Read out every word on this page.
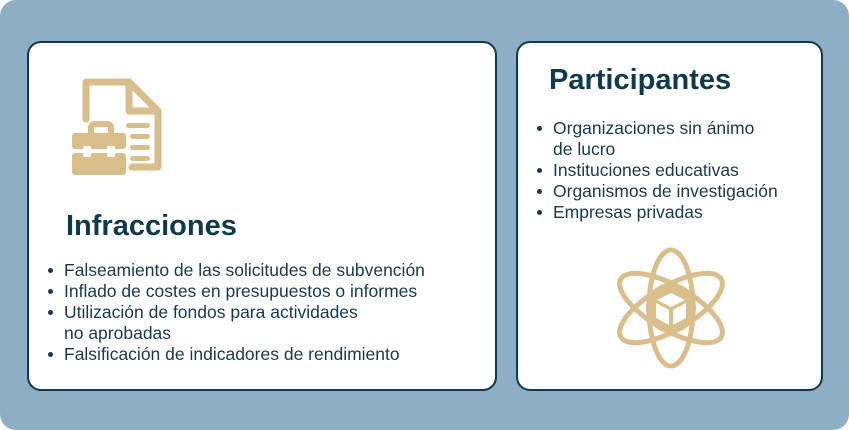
Infracciones
Falseamiento de las solicitudes de subvención
Inflado de costes en presupuestos o informes
Utilización de fondos para actividades
no aprobadas
Falsificación de indicadores de rendimiento
Participantes
Organizaciones sin ánimo
de lucro
Instituciones educativas
Organismos de investigación
Empresas privadas
